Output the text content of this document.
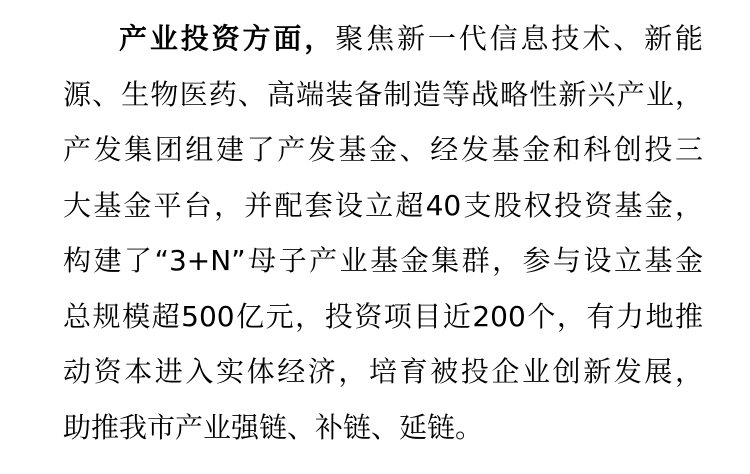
产业投资方面，聚焦新一代信息技术、新能
源、生物医药、高端装备制造等战略性新兴产业，
产发集团组建了产发基金、经发基金和科创投三
大基金平台，并配套设立超40支股权投资基金，
构建了“3+N”母子产业基金集群，参与设立基金
总规模超500亿元，投资项目近200个，有力地推
动资本进入实体经济，培育被投企业创新发展，
助推我市产业强链、补链、延链。
